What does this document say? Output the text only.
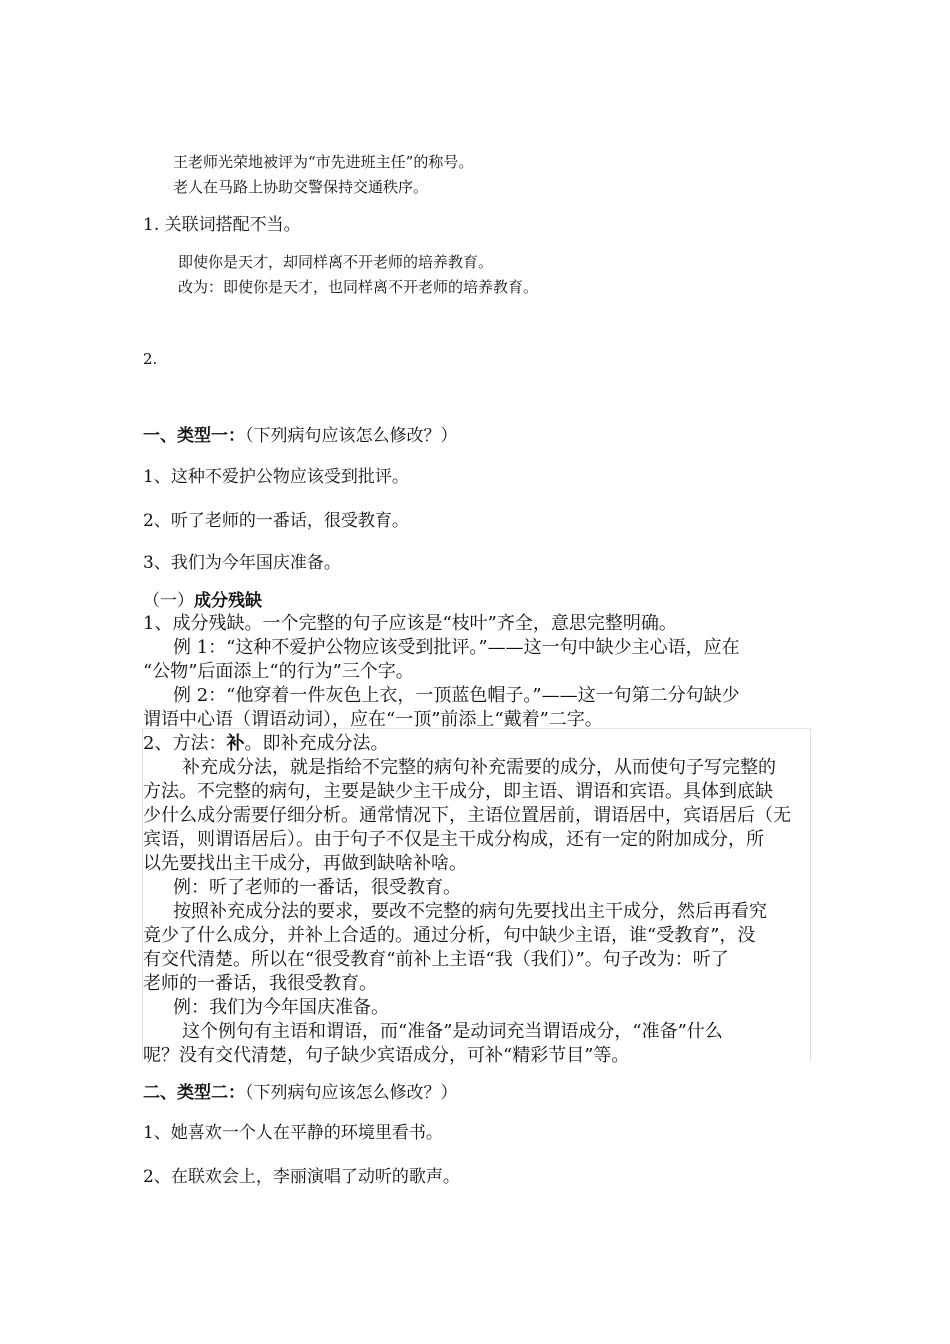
王老师光荣地被评为“市先进班主任”的称号。
老人在马路上协助交警保持交通秩序。
1. 关联词搭配不当。
即使你是天才，却同样离不开老师的培养教育。
改为：即使你是天才，也同样离不开老师的培养教育。
2.
一、类型一：（下列病句应该怎么修改？）
1、这种不爱护公物应该受到批评。
2、听了老师的一番话，很受教育。
3、我们为今年国庆准备。
（一）成分残缺
1、成分残缺。一个完整的句子应该是“枝叶”齐全，意思完整明确。
例 1：“这种不爱护公物应该受到批评。”——这一句中缺少主心语，应在
“公物”后面添上“的行为”三个字。
例 2：“他穿着一件灰色上衣，一顶蓝色帽子。”——这一句第二分句缺少
谓语中心语（谓语动词），应在“一顶”前添上“戴着”二字。
2、方法：补。即补充成分法。
补充成分法，就是指给不完整的病句补充需要的成分，从而使句子写完整的
方法。不完整的病句，主要是缺少主干成分，即主语、谓语和宾语。具体到底缺
少什么成分需要仔细分析。通常情况下，主语位置居前，谓语居中，宾语居后（无
宾语，则谓语居后）。由于句子不仅是主干成分构成，还有一定的附加成分，所
以先要找出主干成分，再做到缺啥补啥。
例：听了老师的一番话，很受教育。
按照补充成分法的要求，要改不完整的病句先要找出主干成分，然后再看究
竟少了什么成分，并补上合适的。通过分析，句中缺少主语，谁“受教育”，没
有交代清楚。所以在“很受教育“前补上主语“我（我们）”。句子改为：听了
老师的一番话，我很受教育。
例：我们为今年国庆准备。
这个例句有主语和谓语，而“准备”是动词充当谓语成分，“准备”什么
呢？没有交代清楚，句子缺少宾语成分，可补“精彩节目”等。
二、类型二：（下列病句应该怎么修改？）
1、她喜欢一个人在平静的环境里看书。
2、在联欢会上，李丽演唱了动听的歌声。
